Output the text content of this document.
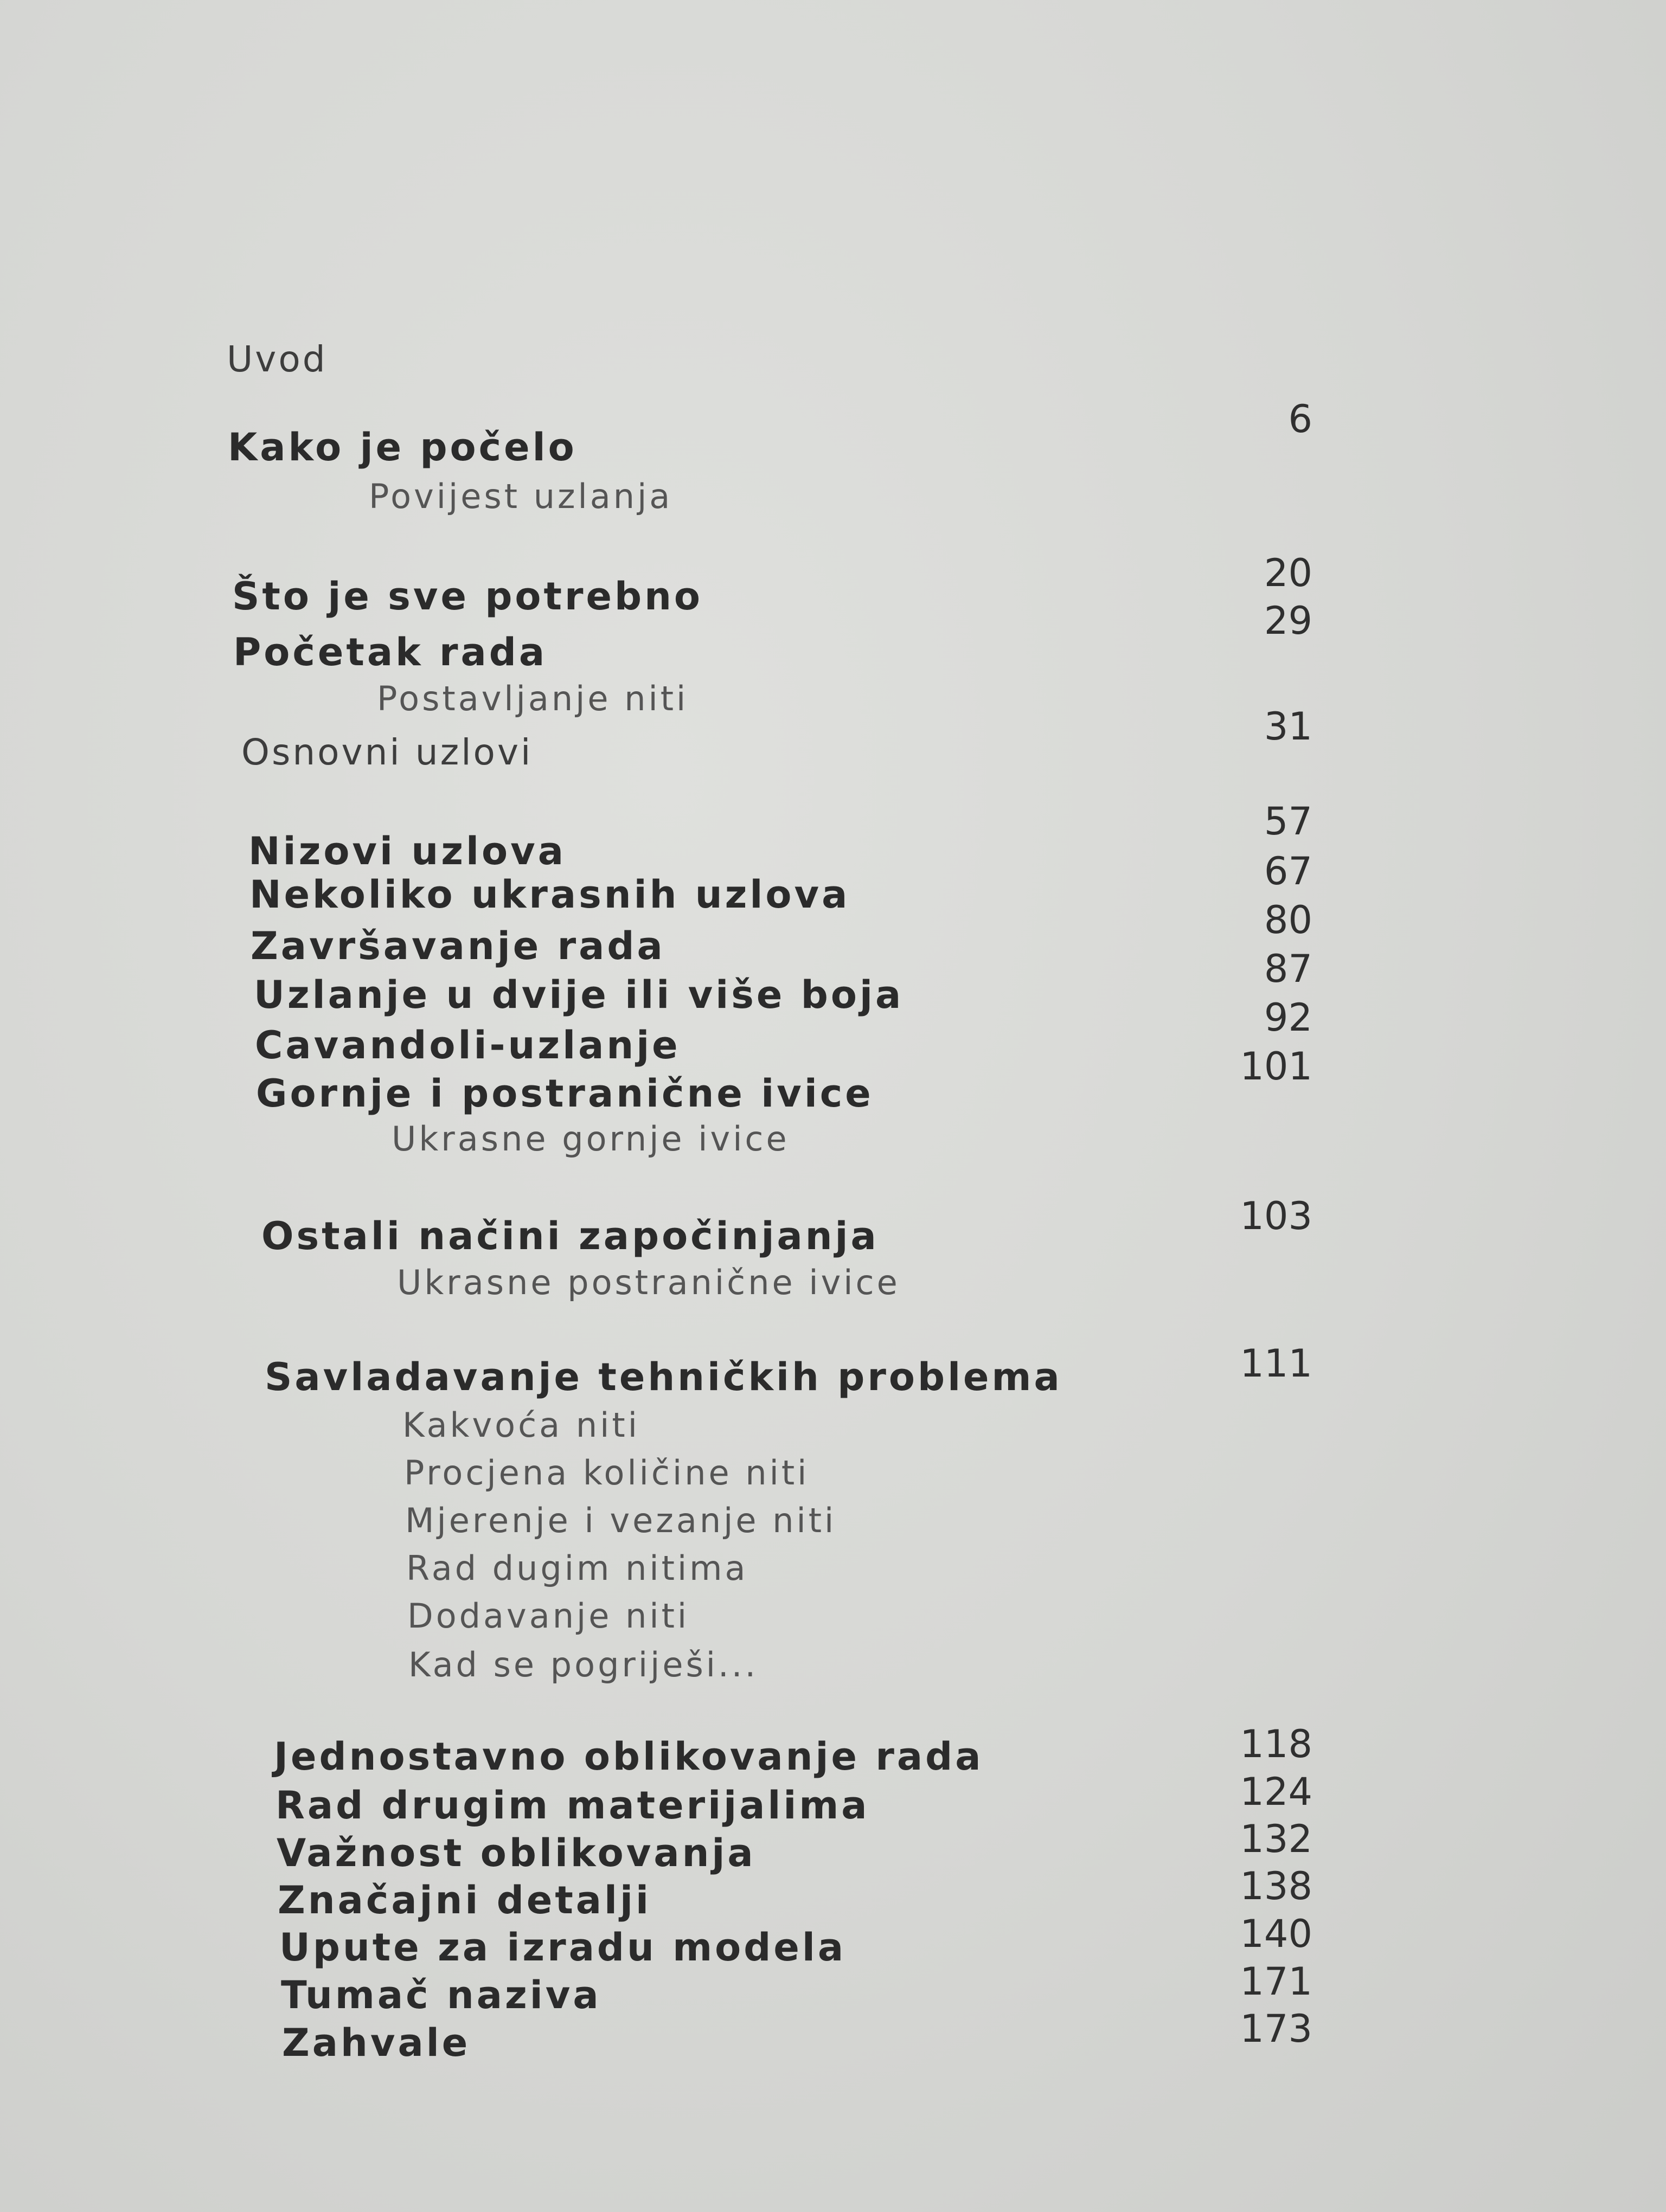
Uvod
Kako je počelo
Povijest uzlanja
Što je sve potrebno
Početak rada
Postavljanje niti
Osnovni uzlovi
Nizovi uzlova
Nekoliko ukrasnih uzlova
Završavanje rada
Uzlanje u dvije ili više boja
Cavandoli-uzlanje
Gornje i postranične ivice
Ukrasne gornje ivice
Ostali načini započinjanja
Ukrasne postranične ivice
Savladavanje tehničkih problema
Kakvoća niti
Procjena količine niti
Mjerenje i vezanje niti
Rad dugim nitima
Dodavanje niti
Kad se pogriješi...
Jednostavno oblikovanje rada
Rad drugim materijalima
Važnost oblikovanja
Značajni detalji
Upute za izradu modela
Tumač naziva
Zahvale
6
20
29
31
57
67
80
87
92
101
103
111
118
124
132
138
140
171
173
